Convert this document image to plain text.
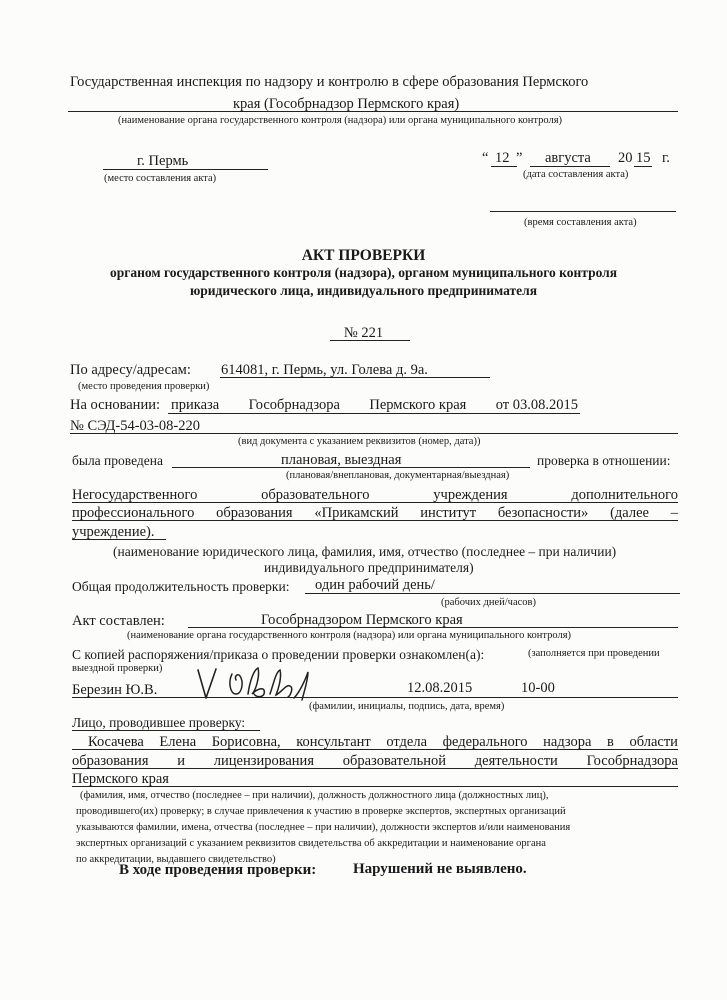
Государственная инспекция по надзору и контролю в сфере образования Пермского
края (Гособрнадзор Пермского края)
(наименование органа государственного контроля (надзора) или органа муниципального контроля)
г. Пермь
(место составления акта)
“ 12 ” августа 20 15 г.
(дата составления акта)
(время составления акта)
АКТ ПРОВЕРКИ
органом государственного контроля (надзора), органом муниципального контроля
юридического лица, индивидуального предпринимателя
№ 221
По адресу/адресам: 614081, г. Пермь, ул. Голева д. 9а.
(место проведения проверки)
На основании: приказа Гособрнадзора Пермского края от 03.08.2015
№ СЭД-54-03-08-220
(вид документа с указанием реквизитов (номер, дата))
была проведена	плановая, выездная	проверка в отношении:
(плановая/внеплановая, документарная/выездная)
Негосударственного	образовательного	учреждения	дополнительного
профессионального образования «Прикамский институт безопасности» (далее –
учреждение).
(наименование юридического лица, фамилия, имя, отчество (последнее – при наличии)
индивидуального предпринимателя)
Общая продолжительность проверки: один рабочий день/
(рабочих дней/часов)
Акт составлен:	Гособрнадзором Пермского края
(наименование органа государственного контроля (надзора) или органа муниципального контроля)
С копией распоряжения/приказа о проведении проверки ознакомлен(а):	(заполняется при проведении
выездной проверки)
Березин Ю.В.	12.08.2015	10-00
(фамилии, инициалы, подпись, дата, время)
Лицо, проводившее проверку:
Косачева Елена Борисовна, консультант отдела федерального надзора в области
образования и лицензирования образовательной деятельности Гособрнадзора
Пермского края
(фамилия, имя, отчество (последнее – при наличии), должность должностного лица (должностных лиц),
проводившего(их) проверку; в случае привлечения к участию в проверке экспертов, экспертных организаций
указываются фамилии, имена, отчества (последнее – при наличии), должности экспертов и/или наименования
экспертных организаций с указанием реквизитов свидетельства об аккредитации и наименование органа
по аккредитации, выдавшего свидетельство)
В ходе проведения проверки: Нарушений не выявлено.
